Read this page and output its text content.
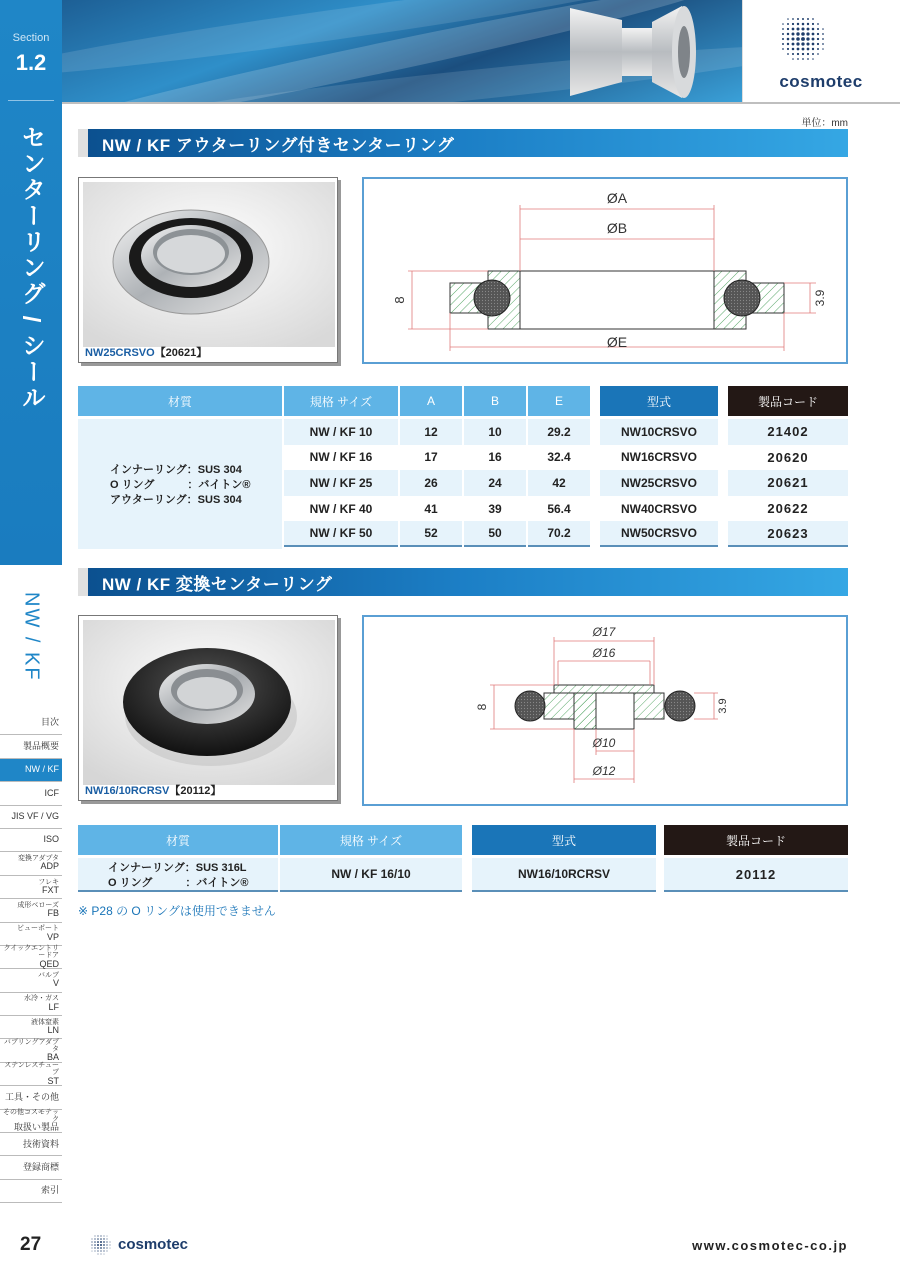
Section
1.2
センターリング / シール
NW / KF
目次
製品概要
NW / KF
ICF
JIS VF / VG
ISO
変換アダプタ
ADP
フレキ
FXT
成形ベローズ
FB
ビューポート
VP
クイックエントリードア
QED
バルブ
V
水冷・ガス
LF
液体窒素
LN
バブリングアダプタ
BA
ステンレスチューブ
ST
工具・その他
その他コスモテック
取扱い製品
技術資料
登録商標
索引
cosmotec
単位：mm
NW / KF アウターリング付きセンターリング
NW25CRSVO【20621】
ØA
ØB
ØE
8	3.9
材質	規格 サイズ	A	B	E	型式	製品コード
NW / KF 10	12	10	29.2	NW10CRSVO	21402
NW / KF 16	17	16	32.4	NW16CRSVO	20620
NW / KF 25	26	24	42	NW25CRSVO	20621
NW / KF 40	41	39	56.4	NW40CRSVO	20622
NW / KF 50	52	50	70.2	NW50CRSVO	20623
インナーリング：SUS 304
O リング　　　：バイトン®
アウターリング：SUS 304
NW / KF 変換センターリング
NW16/10RCRSV【20112】
Ø17
Ø16
Ø10
Ø12
8	3.9
材質	規格 サイズ	型式	製品コード
インナーリング：SUS 316L
O リング　　　：バイトン®
NW / KF 16/10	NW16/10RCRSV	20112
※ P28 の O リングは使用できません
27	cosmotec	www.cosmotec-co.jp
